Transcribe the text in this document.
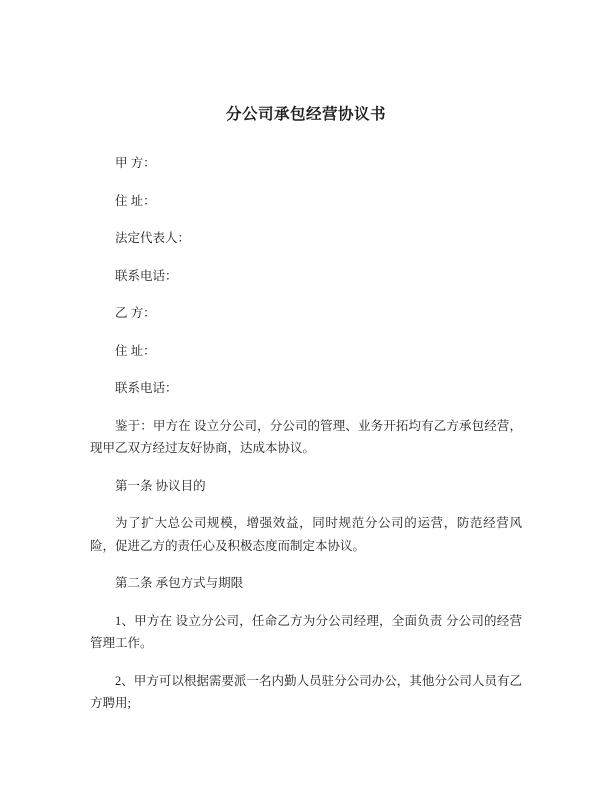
分公司承包经营协议书

甲 方：

住 址：

法定代表人：

联系电话：

乙 方：

住 址：

联系电话：

鉴于：甲方在 设立分公司，分公司的管理、业务开拓均有乙方承包经营，现甲乙双方经过友好协商，达成本协议。

第一条 协议目的

为了扩大总公司规模，增强效益，同时规范分公司的运营，防范经营风险，促进乙方的责任心及积极态度而制定本协议。

第二条 承包方式与期限

1、甲方在 设立分公司，任命乙方为分公司经理，全面负责 分公司的经营管理工作。

2、甲方可以根据需要派一名内勤人员驻分公司办公，其他分公司人员有乙方聘用;
